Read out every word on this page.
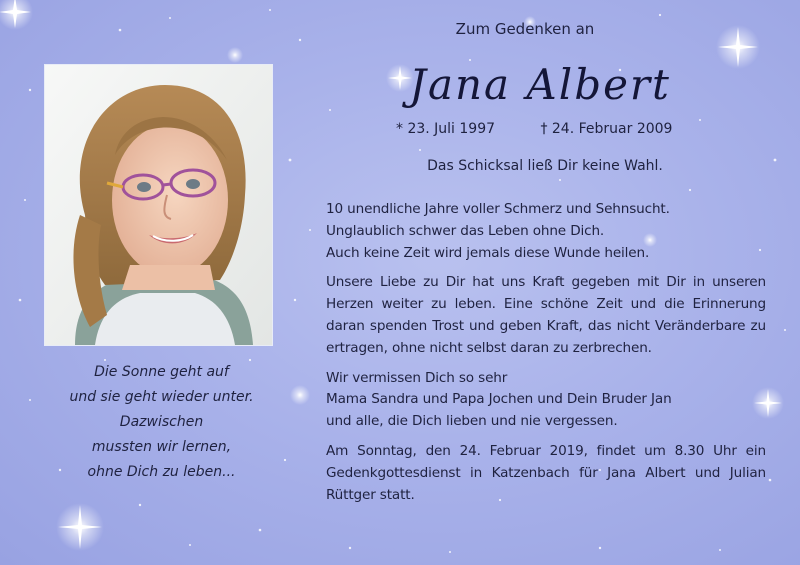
Zum Gedenken an
Jana Albert
* 23. Juli 1997	† 24. Februar 2009
Das Schicksal ließ Dir keine Wahl.

10 unendliche Jahre voller Schmerz und Sehnsucht.
Unglaublich schwer das Leben ohne Dich.
Auch keine Zeit wird jemals diese Wunde heilen.

Unsere Liebe zu Dir hat uns Kraft gegeben mit Dir in unseren Herzen weiter zu leben. Eine schöne Zeit und die Erinnerung daran spenden Trost und geben Kraft, das nicht Veränderbare zu ertragen, ohne nicht selbst daran zu zerbrechen.

Wir vermissen Dich so sehr
Mama Sandra und Papa Jochen und Dein Bruder Jan
und alle, die Dich lieben und nie vergessen.

Am Sonntag, den 24. Februar 2019, findet um 8.30 Uhr ein Gedenkgottesdienst in Katzenbach für Jana Albert und Julian Rüttger statt.

Die Sonne geht auf
und sie geht wieder unter.
Dazwischen
mussten wir lernen,
ohne Dich zu leben...
